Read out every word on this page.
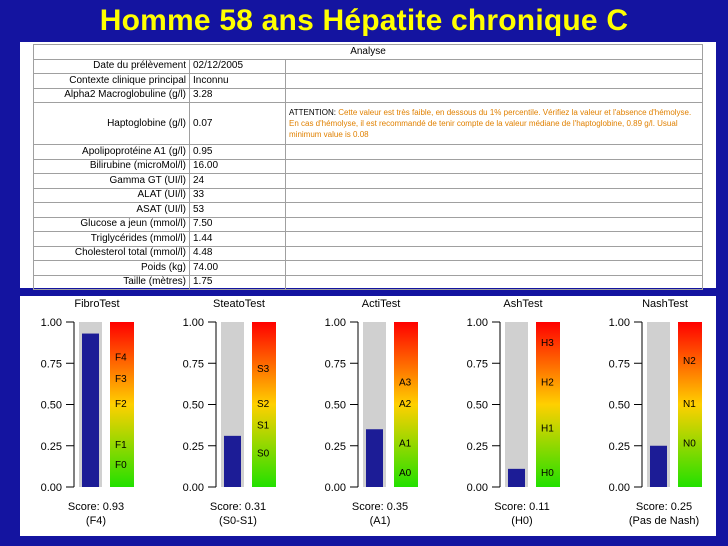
Homme 58 ans Hépatite chronique C
Analyse		
Date du prélèvement	02/12/2005	
Contexte clinique principal	Inconnu	
Alpha2 Macroglobuline (g/l)	3.28	
Haptoglobine (g/l)	0.07	ATTENTION: Cette valeur est très faible, en dessous du 1% percentile. Vérifiez la valeur et l'absence d'hémolyse. En cas d'hémolyse, il est recommandé de tenir compte de la valeur médiane de l'haptoglobine, 0.89 g/l. Usual minimum value is 0.08
Apolipoprotéine A1 (g/l)	0.95	
Bilirubine (microMol/l)	16.00	
Gamma GT (UI/l)	24	
ALAT (UI/l)	33	
ASAT (UI/l)	53	
Glucose a jeun (mmol/l)	7.50	
Triglycérides (mmol/l)	1.44	
Cholesterol total (mmol/l)	4.48	
Poids (kg)	74.00	
Taille (mètres)	1.75	
FibroTest
1.00
0.75
0.50
0.25
0.00
F4
F3
F2
F1
F0
Score: 0.93
(F4)
SteatoTest
1.00
0.75
0.50
0.25
0.00
S3
S2
S1
S0
Score: 0.31
(S0-S1)
ActiTest
1.00
0.75
0.50
0.25
0.00
A3
A2
A1
A0
Score: 0.35
(A1)
AshTest
1.00
0.75
0.50
0.25
0.00
H3
H2
H1
H0
Score: 0.11
(H0)
NashTest
1.00
0.75
0.50
0.25
0.00
N2
N1
N0
Score: 0.25
(Pas de Nash)
